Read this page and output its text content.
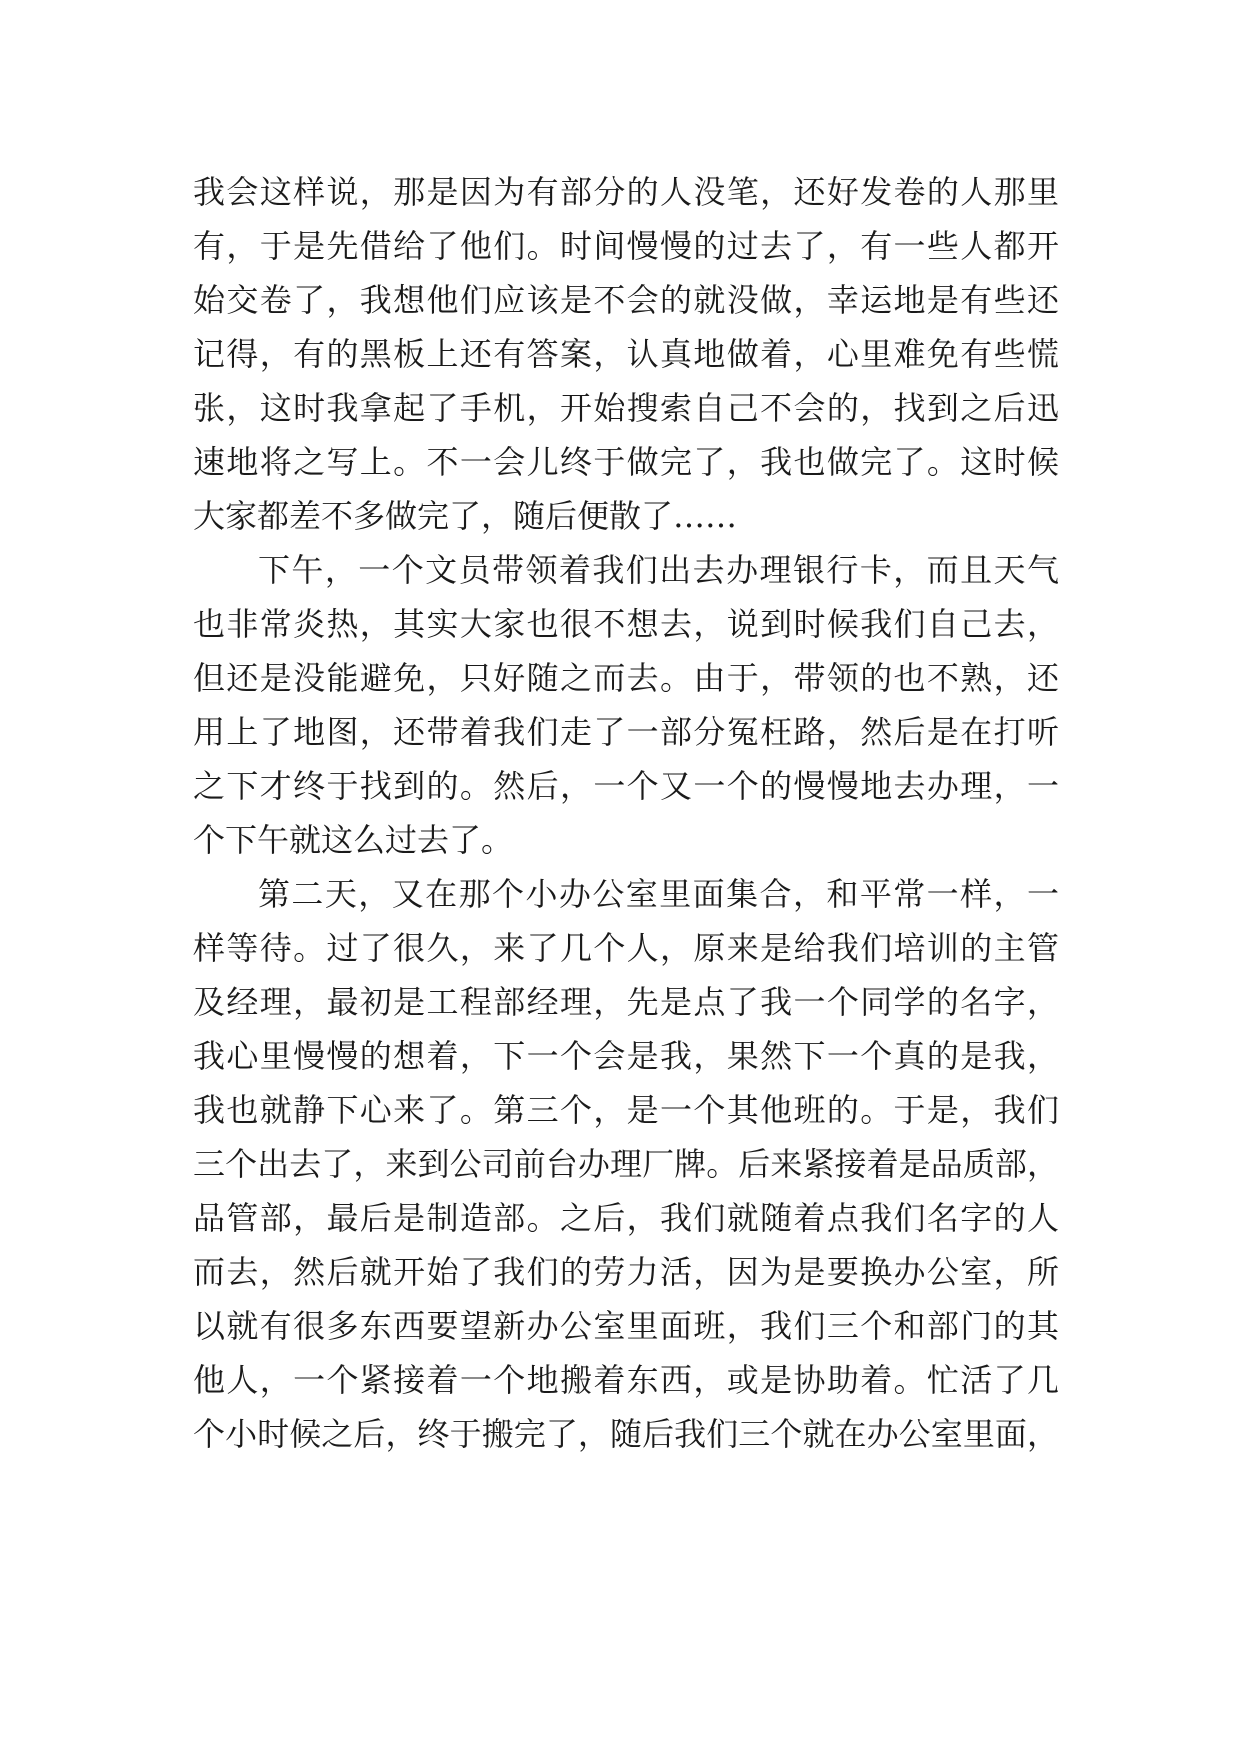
我会这样说，那是因为有部分的人没笔，还好发卷的人那里
有，于是先借给了他们。时间慢慢的过去了，有一些人都开
始交卷了，我想他们应该是不会的就没做，幸运地是有些还
记得，有的黑板上还有答案，认真地做着，心里难免有些慌
张，这时我拿起了手机，开始搜索自己不会的，找到之后迅
速地将之写上。不一会儿终于做完了，我也做完了。这时候
大家都差不多做完了，随后便散了……
下午，一个文员带领着我们出去办理银行卡，而且天气
也非常炎热，其实大家也很不想去，说到时候我们自己去，
但还是没能避免，只好随之而去。由于，带领的也不熟，还
用上了地图，还带着我们走了一部分冤枉路，然后是在打听
之下才终于找到的。然后，一个又一个的慢慢地去办理，一
个下午就这么过去了。
第二天，又在那个小办公室里面集合，和平常一样，一
样等待。过了很久，来了几个人，原来是给我们培训的主管
及经理，最初是工程部经理，先是点了我一个同学的名字，
我心里慢慢的想着，下一个会是我，果然下一个真的是我，
我也就静下心来了。第三个，是一个其他班的。于是，我们
三个出去了，来到公司前台办理厂牌。后来紧接着是品质部，
品管部，最后是制造部。之后，我们就随着点我们名字的人
而去，然后就开始了我们的劳力活，因为是要换办公室，所
以就有很多东西要望新办公室里面班，我们三个和部门的其
他人，一个紧接着一个地搬着东西，或是协助着。忙活了几
个小时候之后，终于搬完了，随后我们三个就在办公室里面，
